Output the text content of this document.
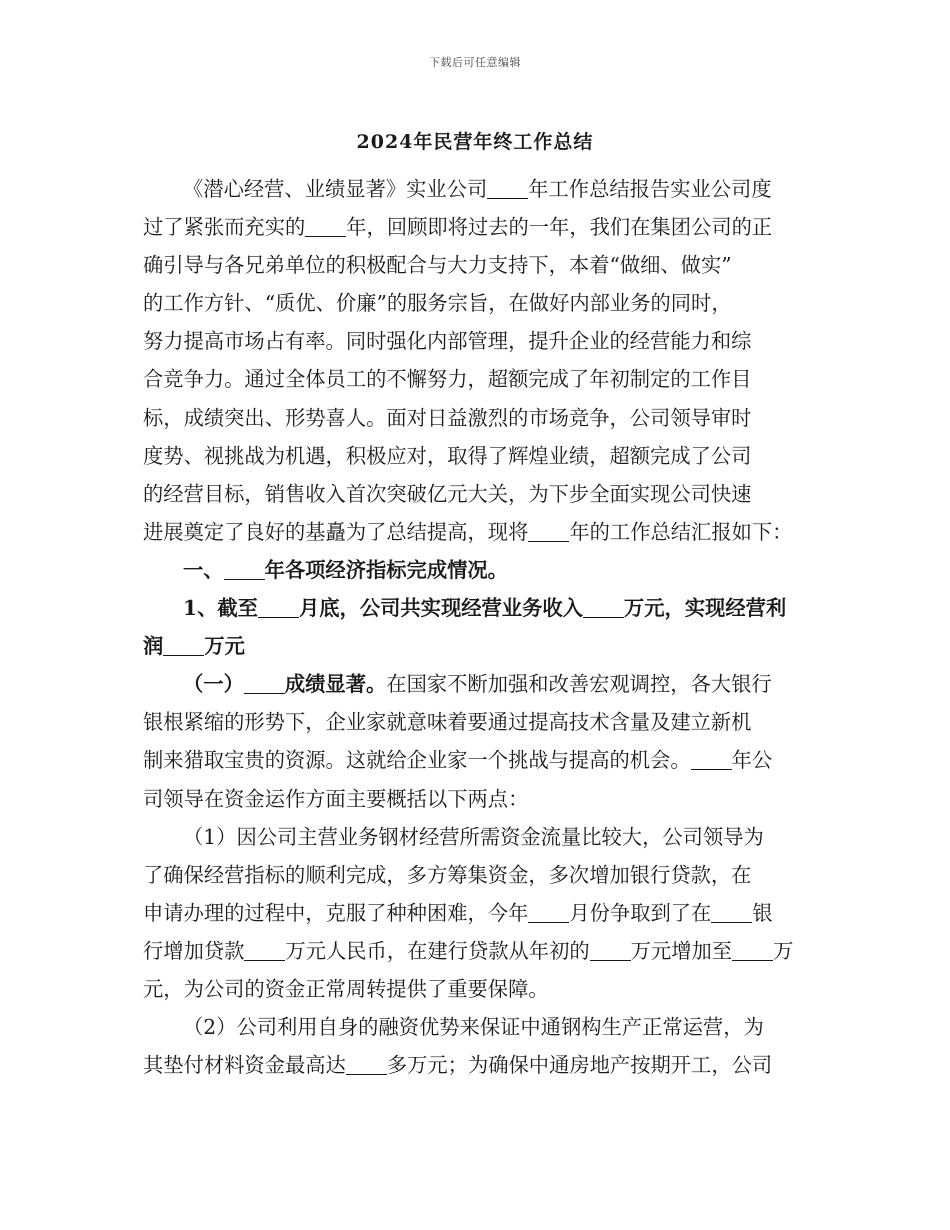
下载后可任意编辑
2024年民营年终工作总结
《潜心经营、业绩显著》实业公司 年工作总结报告实业公司度
过了紧张而充实的 年，回顾即将过去的一年，我们在集团公司的正
确引导与各兄弟单位的积极配合与大力支持下，本着“做细、做实”
的工作方针、“质优、价廉”的服务宗旨，在做好内部业务的同时，
努力提高市场占有率。同时强化内部管理，提升企业的经营能力和综
合竞争力。通过全体员工的不懈努力，超额完成了年初制定的工作目
标，成绩突出、形势喜人。面对日益激烈的市场竞争，公司领导审时
度势、视挑战为机遇，积极应对，取得了辉煌业绩，超额完成了公司
的经营目标，销售收入首次突破亿元大关，为下步全面实现公司快速
进展奠定了良好的基矗为了总结提高，现将 年的工作总结汇报如下：
一、 年各项经济指标完成情况。
1、截至 月底，公司共实现经营业务收入 万元，实现经营利
润 万元
（一） 成绩显著。在国家不断加强和改善宏观调控，各大银行
银根紧缩的形势下，企业家就意味着要通过提高技术含量及建立新机
制来猎取宝贵的资源。这就给企业家一个挑战与提高的机会。 年公
司领导在资金运作方面主要概括以下两点：
（1）因公司主营业务钢材经营所需资金流量比较大，公司领导为
了确保经营指标的顺利完成，多方筹集资金，多次增加银行贷款，在
申请办理的过程中，克服了种种困难，今年 月份争取到了在 银
行增加贷款 万元人民币，在建行贷款从年初的 万元增加至 万
元，为公司的资金正常周转提供了重要保障。
（2）公司利用自身的融资优势来保证中通钢构生产正常运营，为
其垫付材料资金最高达 多万元；为确保中通房地产按期开工，公司
